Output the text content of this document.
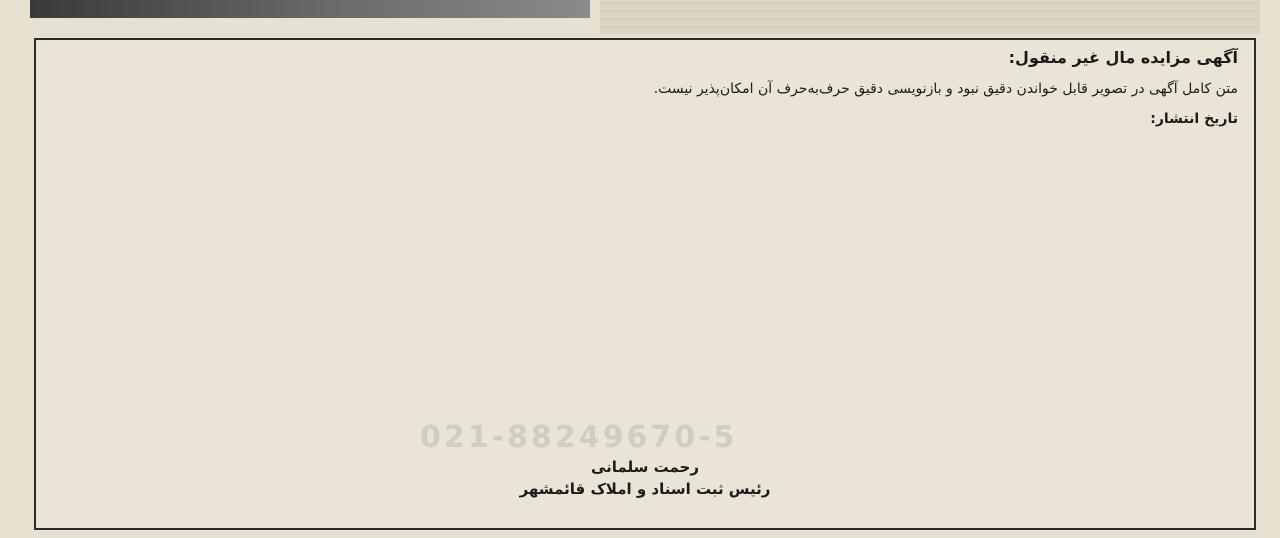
آگهی مزایده مال غیر منقول:

متن کامل آگهی در تصویر قابل خواندن دقیق نبود و بازنویسی دقیق حرف‌به‌حرف آن امکان‌پذیر نیست.

تاریخ انتشار:
رحمت سلمانی
رئیس ثبت اسناد و املاک قائمشهر
